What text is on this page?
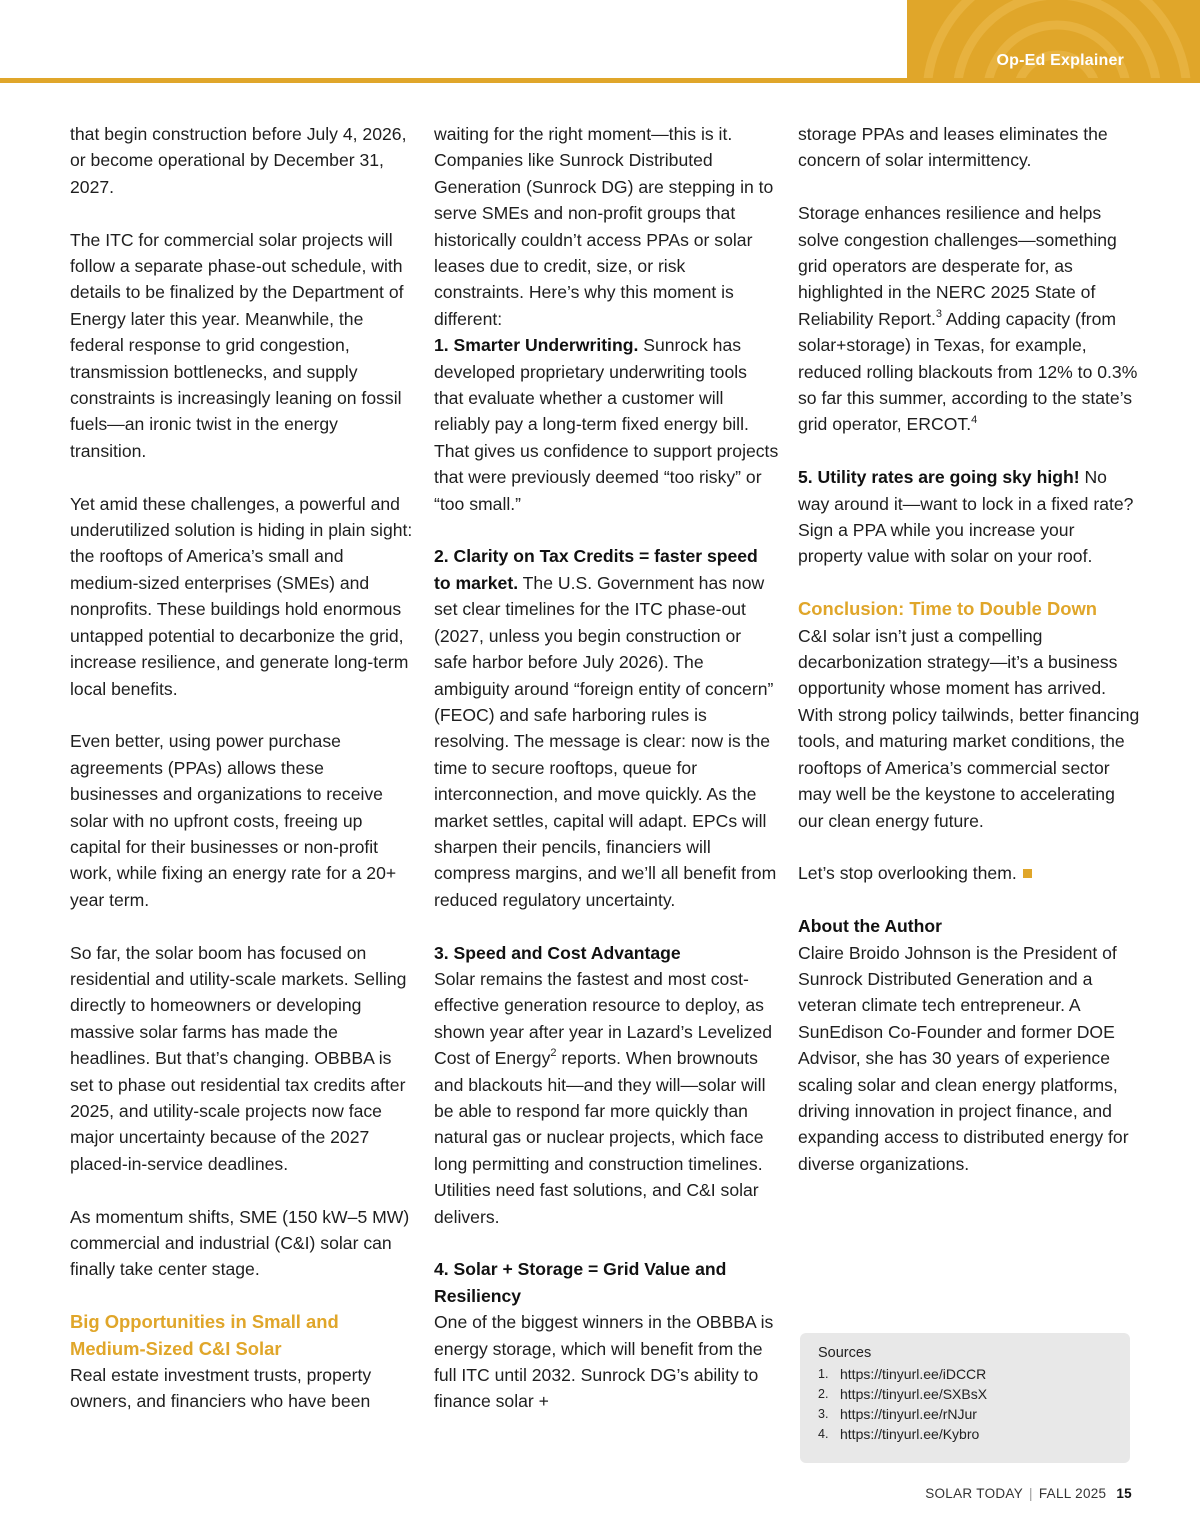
Op-Ed Explainer

that begin construction before July 4, 2026, or become operational by December 31, 2027.

The ITC for commercial solar projects will follow a separate phase-out schedule, with details to be finalized by the Department of Energy later this year. Meanwhile, the federal response to grid congestion, transmission bottlenecks, and supply constraints is increasingly leaning on fossil fuels—an ironic twist in the energy transition.

Yet amid these challenges, a powerful and underutilized solution is hiding in plain sight: the rooftops of America’s small and medium-sized enterprises (SMEs) and nonprofits. These buildings hold enormous untapped potential to decarbonize the grid, increase resilience, and generate long-term local benefits.

Even better, using power purchase agreements (PPAs) allows these businesses and organizations to receive solar with no upfront costs, freeing up capital for their businesses or non-profit work, while fixing an energy rate for a 20+ year term.

So far, the solar boom has focused on residential and utility-scale markets. Selling directly to homeowners or developing massive solar farms has made the headlines. But that’s changing. OBBBA is set to phase out residential tax credits after 2025, and utility-scale projects now face major uncertainty because of the 2027 placed-in-service deadlines.

As momentum shifts, SME (150 kW–5 MW) commercial and industrial (C&I) solar can finally take center stage.

Big Opportunities in Small and Medium-Sized C&I Solar

Real estate investment trusts, property owners, and financiers who have been

waiting for the right moment—this is it. Companies like Sunrock Distributed Generation (Sunrock DG) are stepping in to serve SMEs and non-profit groups that historically couldn’t access PPAs or solar leases due to credit, size, or risk constraints. Here’s why this moment is different:

1. Smarter Underwriting. Sunrock has developed proprietary underwriting tools that evaluate whether a customer will reliably pay a long-term fixed energy bill. That gives us confidence to support projects that were previously deemed “too risky” or “too small.”

2. Clarity on Tax Credits = faster speed to market. The U.S. Government has now set clear timelines for the ITC phase-out (2027, unless you begin construction or safe harbor before July 2026). The ambiguity around “foreign entity of concern” (FEOC) and safe harboring rules is resolving. The message is clear: now is the time to secure rooftops, queue for interconnection, and move quickly. As the market settles, capital will adapt. EPCs will sharpen their pencils, financiers will compress margins, and we’ll all benefit from reduced regulatory uncertainty.

3. Speed and Cost Advantage

Solar remains the fastest and most cost-effective generation resource to deploy, as shown year after year in Lazard’s Levelized Cost of Energy$^2$ reports. When brownouts and blackouts hit—and they will—solar will be able to respond far more quickly than natural gas or nuclear projects, which face long permitting and construction timelines. Utilities need fast solutions, and C&I solar delivers.

4. Solar + Storage = Grid Value and Resiliency

One of the biggest winners in the OBBBA is energy storage, which will benefit from the full ITC until 2032. Sunrock DG’s ability to finance solar +

storage PPAs and leases eliminates the concern of solar intermittency.

Storage enhances resilience and helps solve congestion challenges—something grid operators are desperate for, as highlighted in the NERC 2025 State of Reliability Report.$^3$ Adding capacity (from solar+storage) in Texas, for example, reduced rolling blackouts from 12% to 0.3% so far this summer, according to the state’s grid operator, ERCOT.$^4$

5. Utility rates are going sky high! No way around it—want to lock in a fixed rate? Sign a PPA while you increase your property value with solar on your roof.

Conclusion: Time to Double Down

C&I solar isn’t just a compelling decarbonization strategy—it’s a business opportunity whose moment has arrived. With strong policy tailwinds, better financing tools, and maturing market conditions, the rooftops of America’s commercial sector may well be the keystone to accelerating our clean energy future.

Let’s stop overlooking them.

About the Author

Claire Broido Johnson is the President of Sunrock Distributed Generation and a veteran climate tech entrepreneur. A SunEdison Co-Founder and former DOE Advisor, she has 30 years of experience scaling solar and clean energy platforms, driving innovation in project finance, and expanding access to distributed energy for diverse organizations.

Sources
1. https://tinyurl.ee/iDCCR
2. https://tinyurl.ee/SXBsX
3. https://tinyurl.ee/rNJur
4. https://tinyurl.ee/Kybro
SOLAR TODAY | FALL 2025 15
